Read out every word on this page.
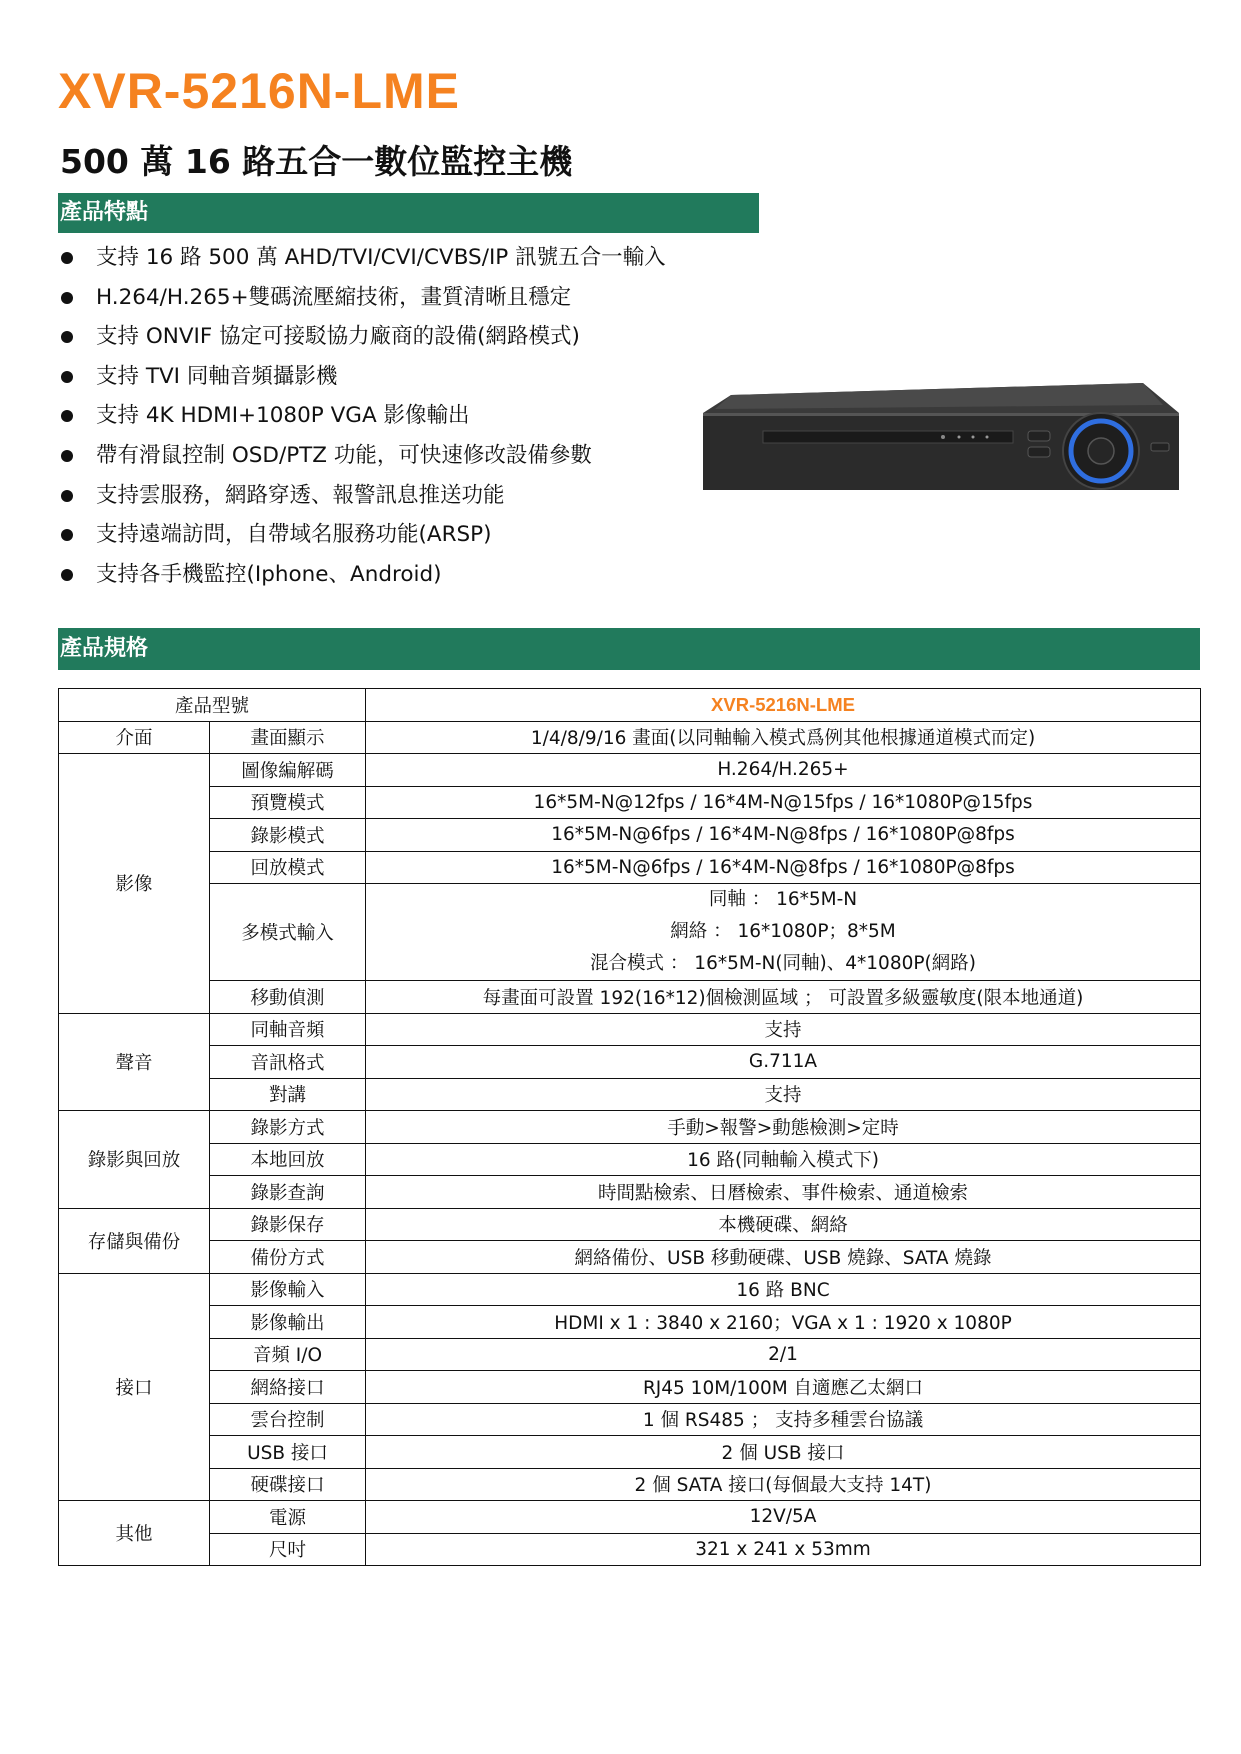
XVR-5216N-LME
500 萬 16 路五合一數位監控主機
產品特點
支持 16 路 500 萬 AHD/TVI/CVI/CVBS/IP 訊號五合一輸入
H.264/H.265+雙碼流壓縮技術，畫質清晰且穩定
支持 ONVIF 協定可接駁協力廠商的設備(網路模式)
支持 TVI 同軸音頻攝影機
支持 4K HDMI+1080P VGA 影像輸出
帶有滑鼠控制 OSD/PTZ 功能，可快速修改設備參數
支持雲服務，網路穿透、報警訊息推送功能
支持遠端訪問，自帶域名服務功能(ARSP)
支持各手機監控(Iphone、Android)
產品規格
產品型號		XVR-5216N-LME
介面	畫面顯示	1/4/8/9/16 畫面(以同軸輸入模式爲例其他根據通道模式而定)
影像	圖像編解碼	H.264/H.265+
	預覽模式	16*5M-N@12fps / 16*4M-N@15fps / 16*1080P@15fps
	錄影模式	16*5M-N@6fps / 16*4M-N@8fps / 16*1080P@8fps
	回放模式	16*5M-N@6fps / 16*4M-N@8fps / 16*1080P@8fps
	多模式輸入	同軸 ： 16*5M-N
網絡 ： 16*1080P；8*5M
混合模式 ： 16*5M-N(同軸)、4*1080P(網路)

	移動偵測	每畫面可設置 192(16*12)個檢測區域 ； 可設置多級靈敏度(限本地通道)
聲音	同軸音頻	支持
	音訊格式	G.711A
	對講	支持
錄影與回放	錄影方式	手動>報警>動態檢測>定時
	本地回放	16 路(同軸輸入模式下)
	錄影查詢	時間點檢索、日曆檢索、事件檢索、通道檢索
存儲與備份	錄影保存	本機硬碟、網絡
	備份方式	網絡備份、USB 移動硬碟、USB 燒錄、SATA 燒錄
接口	影像輸入	16 路 BNC
	影像輸出	HDMI x 1 : 3840 x 2160；VGA x 1 : 1920 x 1080P
	音頻 I/O	2/1
	網絡接口	RJ45 10M/100M 自適應乙太網口
	雲台控制	1 個 RS485 ； 支持多種雲台協議
	USB 接口	2 個 USB 接口
	硬碟接口	2 個 SATA 接口(每個最大支持 14T)
其他	電源	12V/5A
	尺吋	321 x 241 x 53mm
